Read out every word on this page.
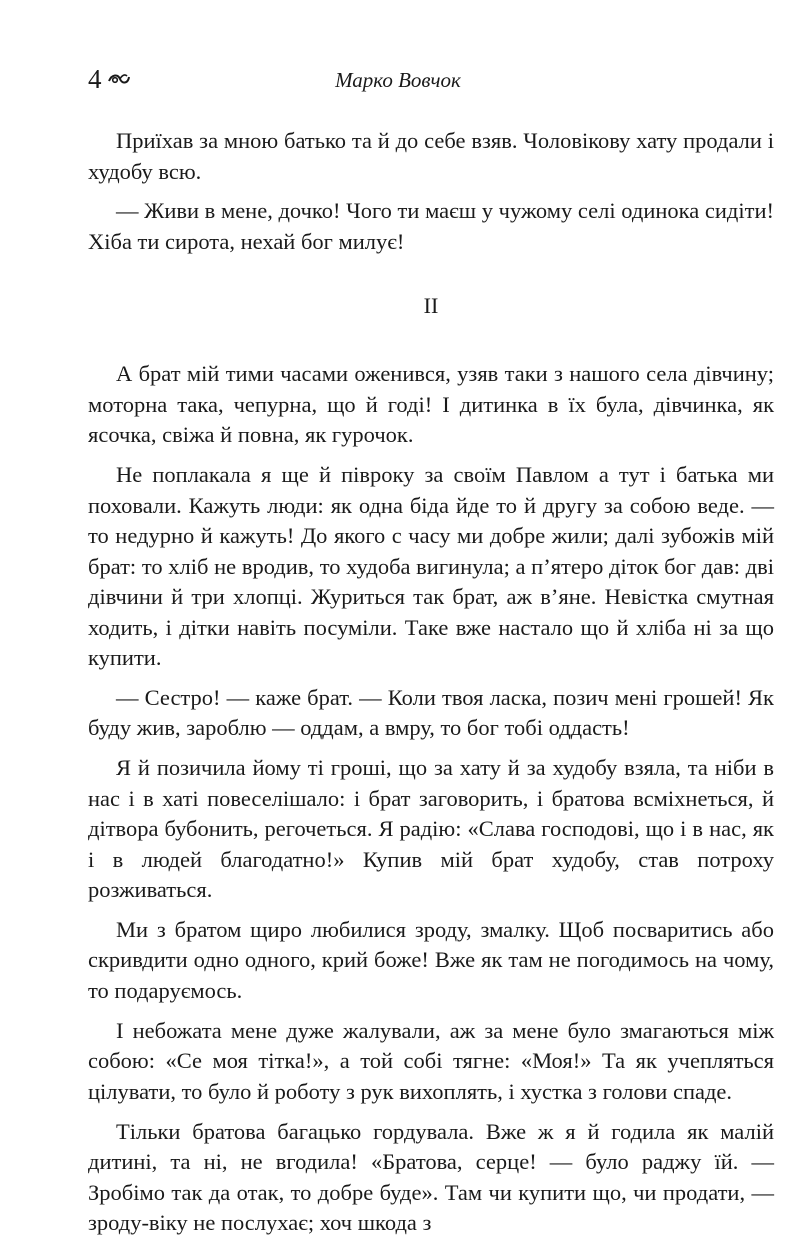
4	Марко Вовчок

Приїхав за мною батько та й до себе взяв. Чоловікову хату продали і худобу всю.

— Живи в мене, дочко! Чого ти маєш у чужому селі одинока сидіти! Хіба ти сирота, нехай бог милує!

II

А брат мій тими часами оженився, узяв таки з нашого села дівчину; моторна така, чепурна, що й годі! І дитинка в їх була, дівчинка, як ясочка, свіжа й повна, як гурочок.

Не поплакала я ще й півроку за своїм Павлом а тут і батька ми поховали. Кажуть люди: як одна біда йде то й другу за собою веде. — то недурно й кажуть! До якого с часу ми добре жили; далі зубожів мій брат: то хліб не вродив, то худоба вигинула; а п’ятеро діток бог дав: дві дівчини й три хлопці. Журиться так брат, аж в’яне. Невістка смутная ходить, і дітки навіть посуміли. Таке вже настало що й хліба ні за що купити.

— Сестро! — каже брат. — Коли твоя ласка, позич мені грошей! Як буду жив, зароблю — оддам, а вмру, то бог тобі оддасть!

Я й позичила йому ті гроші, що за хату й за худобу взяла, та ніби в нас і в хаті повеселішало: і брат заговорить, і братова всміхнеться, й дітвора бубонить, регочеться. Я радію: «Слава господові, що і в нас, як і в людей благодатно!» Купив мій брат худобу, став потроху розживаться.

Ми з братом щиро любилися зроду, змалку. Щоб посваритись або скривдити одно одного, крий боже! Вже як там не погодимось на чому, то подаруємось.

І небожата мене дуже жалували, аж за мене було змагаються між собою: «Се моя тітка!», а той собі тягне: «Моя!» Та як учепляться цілувати, то було й роботу з рук вихоплять, і хустка з голови спаде.

Тільки братова багацько гордувала. Вже ж я й годила як малій дитині, та ні, не вгодила! «Братова, серце! — було раджу їй. — Зробімо так да отак, то добре буде». Там чи купити що, чи продати, — зроду-віку не послухає; хоч шкода з
